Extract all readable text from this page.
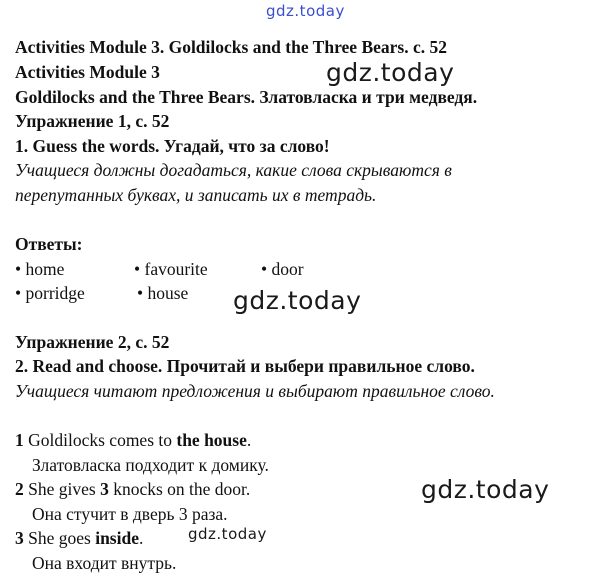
gdz.today
Activities Module 3. Goldilocks and the Three Bears. с. 52
Activities Module 3
Goldilocks and the Three Bears. Златовласка и три медведя.
Упражнение 1, с. 52
1. Guess the words. Угадай, что за слово!
Учащиеся должны догадаться, какие слова скрываются в
перепутанных буквах, и записать их в тетрадь.
Ответы:
• home	• favourite	• door
• porridge	• house
Упражнение 2, с. 52
2. Read and choose. Прочитай и выбери правильное слово.
Учащиеся читают предложения и выбирают правильное слово.
1 Goldilocks comes to the house.
Златовласка подходит к домику.
2 She gives 3 knocks on the door.
Она стучит в дверь 3 раза.
3 She goes inside.
Она входит внутрь.
gdz.today
gdz.today
gdz.today
gdz.today
